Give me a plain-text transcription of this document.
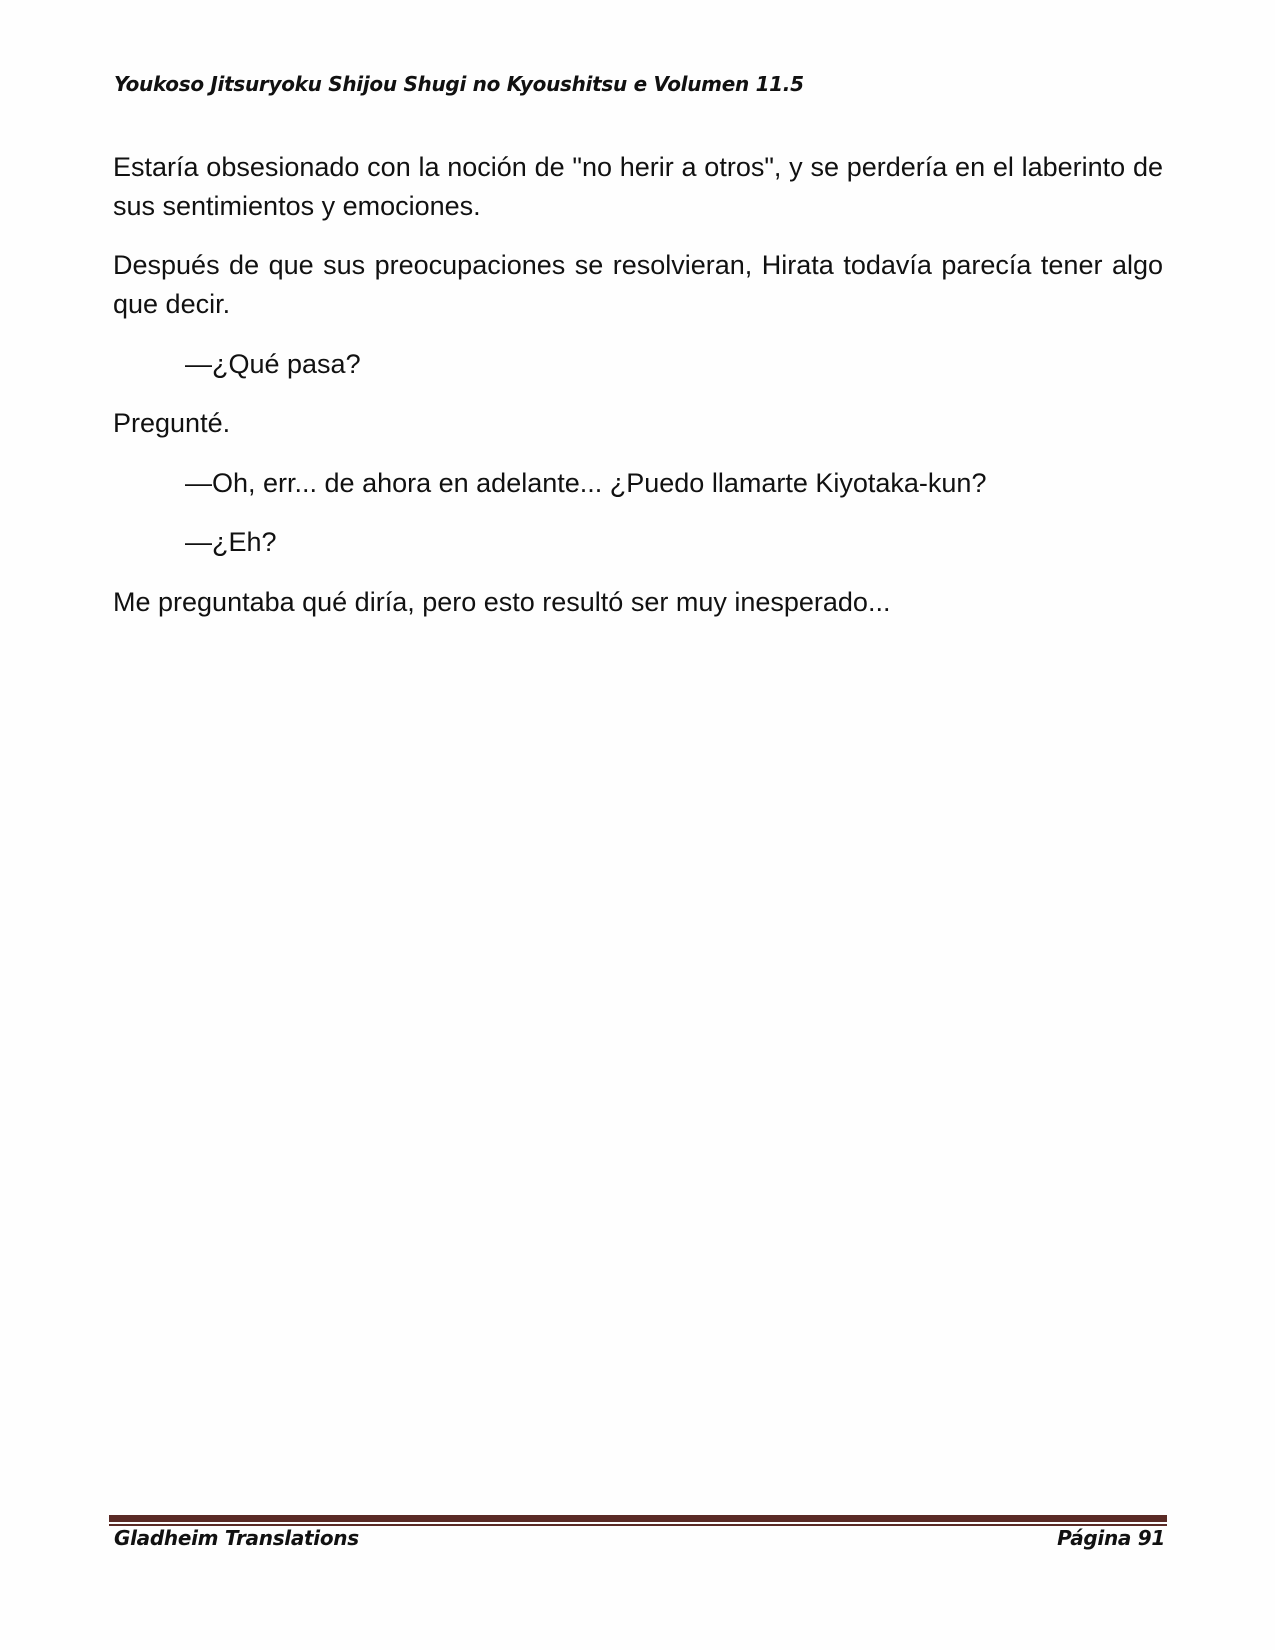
Youkoso Jitsuryoku Shijou Shugi no Kyoushitsu e Volumen 11.5

Estaría obsesionado con la noción de "no herir a otros", y se perdería en el laberinto de sus sentimientos y emociones.

Después de que sus preocupaciones se resolvieran, Hirata todavía parecía tener algo que decir.

—¿Qué pasa?

Pregunté.

—Oh, err... de ahora en adelante... ¿Puedo llamarte Kiyotaka-kun?

—¿Eh?

Me preguntaba qué diría, pero esto resultó ser muy inesperado...

Gladheim Translations	Página 91
